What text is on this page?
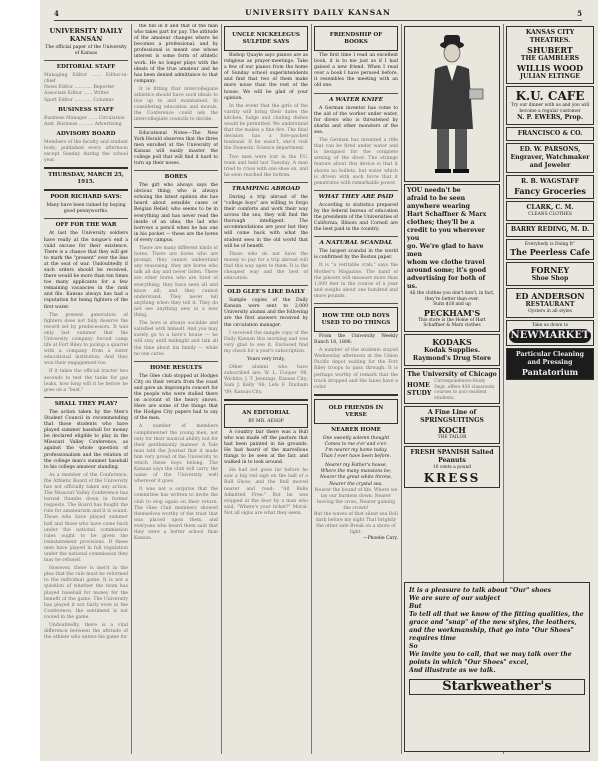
4	UNIVERSITY DAILY KANSAN	5
UNIVERSITY DAILY KANSAN
The official paper of the University of Kansas
EDITORIAL STAFF
Managing Editor ...... Editor-in-chief
News Editor ............ Reporter
Associate Editor ...... Writer
Sport Editor ............ Columns
BUSINESS STAFF
Business Manager ...... Circulation
Asst. Business .......... Advertising
ADVISORY BOARD
Members of the faculty and student body; published every afternoon except Sunday during the school year.
THURSDAY, MARCH 25, 1915.
POOR RICHARD SAYS:

Many have been ruined by buying good pennyworths.

OFF FOR THE WAR

At last the University soldiers have really at the tongue's end a valid excuse for their existence. There is a chance that they will get to mark the "present" over the line at the seat of war. Undoubtedly if such orders should be received, there would be more than ten times too many applicants for a few remaining vacancies in the rank and file. Kansas always has had a reputation for being fighters of the first water.

The present generation of fighters does not fully deserve the record set by predecessors. It was only last summer that the University company forced camp life at Fort Riley to pickup a quarrel with a company from a sister educational institution. And they won their engagement too.

If it takes the official tractor two seconds to test the tanks for gas leaks, how long will it be before he goes on a "bust."

SHALL THEY PLAY?

The action taken by the Men's Student Council in recommending that those students who have played summer baseball for money be declared eligible to play in the Missouri Valley Conference, as against the whole question of professionalism and the relation of the college man's summer baseball to his college amateur standing.

As a member of the Conference, the Athletic Board of the University has not officially taken any action. The Missouri Valley Conference has turned thumbs down in former requests. The Board has fought the rule for amateurism and it is sound. Those who have played summer ball and those who have come back under the national commission rules ought to be given the reinstatement provisions. If these men have played in full regulation under the national commission they may be refused.

However, there is merit in the plea that the rule must be reformed to the individual game. It is not a question of whether the team has played baseball for money for the benefit of the game. The University has played it not fairly even in the Conference, the sentiment is not rooted in the game.

Undoubtedly, there is a vital difference between the attitude of the athlete who enters his game for

the fun in it and that of the man who takes part for pay. The attitude of the amateur changes where he becomes a professional, and by professional is meant one whose interest is some form of athletic work. He no longer plays with the ideals of the true amateur and he has been denied admittance to that company.

It is fitting that intercollegiate athletics should have such ideals to live up to and maintained. In considering education and morals, the Conference could ask the intercollegiate councils to decide.

Educational Notes—The New York Herald observes that the three men enrolled at the University of Kansas will easily master the college poll that will find it hard to turn up their noses.

BORES

The girl who always says the obvious thing; who is always echoing the latest opinion she has heard about sensible cases or Belgian Relief; who seems to be in everything and has never read the inside of an idea; the lad who borrows a pencil when he has one in his pocket — these are the bores of every campus.

There are many different kinds of bores. There are bores who are prompt, they cannot understand any reasoning, they are bores who talk all day and never listen. There are other bores who are tired of everything; they have seen all and know all; and they cannot understand. They never tell anything when they tell it. They do not see anything new in a new thing.

The bore is always sociable and satisfied with himself. And you may surely go to a bore's house — he will stay until midnight and talk all the time about his family — while no one cares.

HOME RESULTS

The Glee club stopped at Hodges City on their return from the coast and gave an impromptu concert for the people who were stalled there on account of the heavy snows. Here are some of the things that the Hodges City papers had to say of the men.

A number of members complimented the young men, not only for their musical ability but for their gentlemanly manner. A Yale man told the Journal that it made him very proud of the University to which these boys belong. The Kansan says the club will carry the name of the University well wherever it goes.

It was not a surprise that the committee has written to invite the club to stop again on their return. The Glee Club members showed themselves worthy of the trust that was placed upon them, and everyone who heard them said that they were a better school than Kansas.

UNCLE NICKELEGUS SULFIDE SAYS

Bishop Quayle says pianos are as religious as prayer-meetings. Take a few of our pianos from the home of Sunday school superintendents and find that two of them make more noise than the rest of the house. We will be glad of your opinion.

In the event that the girls of the varsity will bring their dates the kitchen, fudge and chafing dishes would be permitted. We understand that the makes a fine fire. The final decision has a fore-packed husband. If he wasn't, she'd visit the Domestic Science department.

Two men were lost in the P.U. team and held last Tuesday. A man tried to cross with one shoe on, and he soon reached the bottom.

TRAMPING ABROAD

During a trip abroad of the "college boys" are willing to forgo their comforts and work their way across the sea, they will find the thorough intelligent. The accommodations are poor but they will come back with what the student sees in the old world that will be of benefit.

Those who do not have the money to pay for a trip abroad will find this way open to them. It is the cheapest way and the best of education.

OLD GLEE'S LIKE DAILY

Sample copies of the Daily Kansan were sent to 2,000 University alumni and the following are the first answers received by the circulation manager.

I received the sample copy of the Daily Kansan this morning and was very glad to see it. Enclosed find my check for a year's subscription.

Yours very truly,

Other alumni who have subscribed are: W. L. Cooper '98, Wichita; J. T. Jennings, Kansas City; Sam J. Kelly '06; Lela F. Dunham '09; Kansas City.

AN EDITORIAL
BY MR. AESOP

A country fair there was a Bull who was made off the pasture that had been painted in his grounds. He had heard of the marvellous things to be seen at the fair, and walked in to look around.

He had not gone far before he saw a big red sign on the hall of a Bull Show; and the Bull moved nearer and read: "All Bulls Admitted Free." But he was stopped at the door by a man who said, "Where's your ticket?" Moral: Not all signs are what they seem.

FRIENDSHIP OF BOOKS

The first time I read an excellent book, it is to me just as if I had gained a new friend. When I read over a book I have perused before, it resembles the meeting with an old one.

A WATER KNIFE

A German inventor has come to the aid of the worker under water, for divers who is threatened by sharks and other monsters of the sea.

The German has invented a rifle that can be fired under water and is designed for the complete arming of the diver. The strange feature about this device is that it shoots no bullets, but water which is driven with such force that it penetrates with remarkable power.

WHAT THEY ARE PAID

According to statistics prepared by the federal bureau of education the presidents of the Universities of California, Illinois and Cornell are the best paid in the country.

A NATURAL SCANDAL

The largest scandal in the world is confirmed by the Boston paper.

It is "a veritable crab," says the Mother's Magazine. The band of the pincers will measure more than 1,000 feet in the course of a year and weighs about one hundred and more pounds.

HOW THE OLD BOYS USED TO DO THINGS

From the University Weekly Ranch 18, 1896.

A number of the students stayed Wednesday afternoon at the Union Pacific depot waiting for the Fort Riley troops to pass through. It is perhaps worthy of remark that the track dropped and the lanes have a color.

OLD FRIENDS IN VERSE
NEARER HOME
One sweetly solemn thought
Comes to me o'er and o'er:
I'm nearer my home today
Than I ever have been before.
Nearer my Father's house,
Where the many mansions be;
Nearer the great white throne,
Nearer the crystal sea.
Nearer the bound of life, Where we lay our burdens down; Nearer leaving the cross, Nearer gaining the crown!
But the waves of that silent sea Roll dark before my sight That brightly the other side Break on a shore of light.
—Phoebe Cary.
YOU needn't be
afraid to be seen
anywhere wearing
Hart Schaffner & Marx
clothes; they'll be a
credit to you wherever you
go. We're glad to have men
whom we clothe travel
around some; it's good advertising for both of us.
All the clothes you don't don't; in fact, they're better than ever.
Suits $18 and up
PECKHAM'S
This store is the Home of Hart Schaffner & Marx clothes
KODAKS
Kodak Supplies.
Raymond's Drug Store
The University of Chicago
HOME STUDY
Correspondence-Study Dept. offers 450 classroom courses to non-resident students.
A Fine Line of SPRINGSUITINGS
KOCH
THE TAILOR
FRESH SPANISH Salted Peanuts
10 cents a pound
KRESS
KANSAS CITY THEATRES.
SHUBERT
THE GAMBLERS
WILLIS WOOD
JULIAN ELTINGE
K.U. CAFE
Try our dinner with us and you will become a regular customer
N. P. EWERS, Prop.
FRANCISCO & CO.
ED. W. PARSONS,
Engraver, Watchmaker and Jeweler
R. B. WAGSTAFF
Fancy Groceries
CLARK, C. M.
CLEANS CLOTHES
BARRY REDING, M. D.
Everybody is Doing It"
The Peerless Cafe
FORNEY
Shoe Shop
ED ANDERSON
RESTAURANT
Oysters in all styles
Take us down to
NEWMARKET
Particular Cleaning and Pressing
Pantatorium
It is a pleasure to talk about "Our" shoes
We are sure of our subject
But
To tell all that we know of the fitting qualities, the grace and "snap" of the new styles, the leathers, and the workmanship, that go into "Our Shoes" requires time
So
We invite you to call, that we may talk over the points in which "Our Shoes" excel,
And illustrate as we talk.
Starkweather's
